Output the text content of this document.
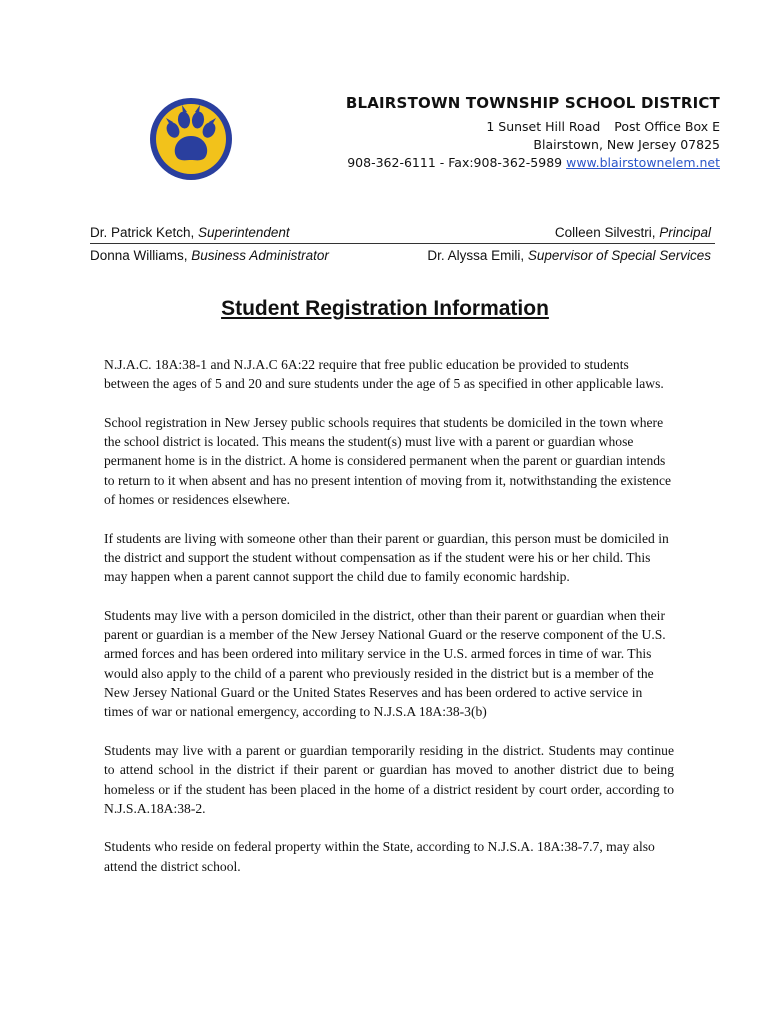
BLAIRSTOWN TOWNSHIP SCHOOL DISTRICT
1 Sunset Hill Road Post Office Box E
Blairstown, New Jersey 07825
908-362-6111 - Fax:908-362-5989 www.blairstownelem.net
Dr. Patrick Ketch, Superintendent	Colleen Silvestri, Principal
Donna Williams, Business Administrator	Dr. Alyssa Emili, Supervisor of Special Services
Student Registration Information

N.J.A.C. 18A:38-1 and N.J.A.C 6A:22 require that free public education be provided to students between the ages of 5 and 20 and sure students under the age of 5 as specified in other applicable laws.

School registration in New Jersey public schools requires that students be domiciled in the town where the school district is located. This means the student(s) must live with a parent or guardian whose permanent home is in the district. A home is considered permanent when the parent or guardian intends to return to it when absent and has no present intention of moving from it, notwithstanding the existence of homes or residences elsewhere.

If students are living with someone other than their parent or guardian, this person must be domiciled in the district and support the student without compensation as if the student were his or her child. This may happen when a parent cannot support the child due to family economic hardship.

Students may live with a person domiciled in the district, other than their parent or guardian when their parent or guardian is a member of the New Jersey National Guard or the reserve component of the U.S. armed forces and has been ordered into military service in the U.S. armed forces in time of war. This would also apply to the child of a parent who previously resided in the district but is a member of the New Jersey National Guard or the United States Reserves and has been ordered to active service in times of war or national emergency, according to N.J.S.A 18A:38-3(b)

Students may live with a parent or guardian temporarily residing in the district. Students may continue to attend school in the district if their parent or guardian has moved to another district due to being homeless or if the student has been placed in the home of a district resident by court order, according to N.J.S.A.18A:38-2.

Students who reside on federal property within the State, according to N.J.S.A. 18A:38-7.7, may also attend the district school.
